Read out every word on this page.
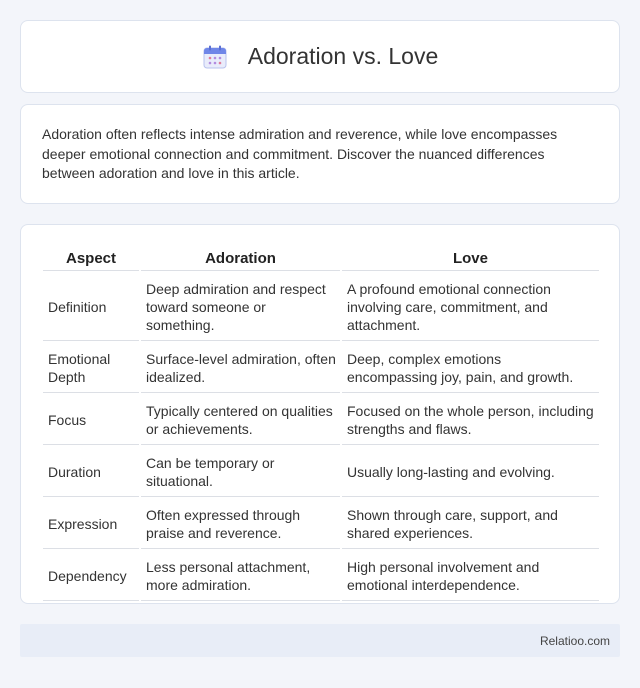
Adoration vs. Love

Adoration often reflects intense admiration and reverence, while love encompasses deeper emotional connection and commitment. Discover the nuanced differences between adoration and love in this article.

Aspect	Adoration	Love
Definition	Deep admiration and respect toward someone or something.	A profound emotional connection involving care, commitment, and attachment.
Emotional Depth	Surface-level admiration, often idealized.	Deep, complex emotions encompassing joy, pain, and growth.
Focus	Typically centered on qualities or achievements.	Focused on the whole person, including strengths and flaws.
Duration	Can be temporary or situational.	Usually long-lasting and evolving.
Expression	Often expressed through praise and reverence.	Shown through care, support, and shared experiences.
Dependency	Less personal attachment, more admiration.	High personal involvement and emotional interdependence.
Relatioo.com
